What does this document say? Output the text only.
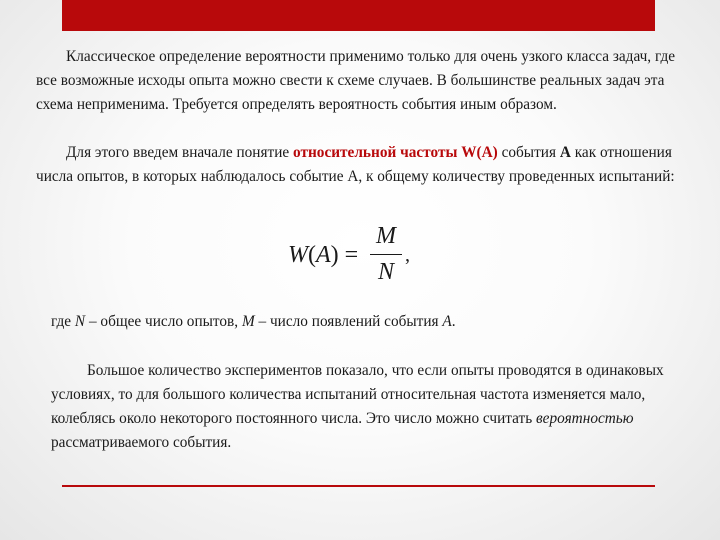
Классическое определение вероятности применимо только для очень узкого класса задач, где все возможные исходы опыта можно свести к схеме случаев. В большинстве реальных задач эта схема неприменима. Требуется определять вероятность события иным образом.

Для этого введем вначале понятие относительной частоты W(A) события A как отношения числа опытов, в которых наблюдалось событие А, к общему количеству проведенных испытаний:

W(A) =
M
N
,

где N – общее число опытов, M – число появлений события A.

Большое количество экспериментов показало, что если опыты проводятся в одинаковых условиях, то для большого количества испытаний относительная частота изменяется мало, колеблясь около некоторого постоянного числа. Это число можно считать вероятностью рассматриваемого события.
